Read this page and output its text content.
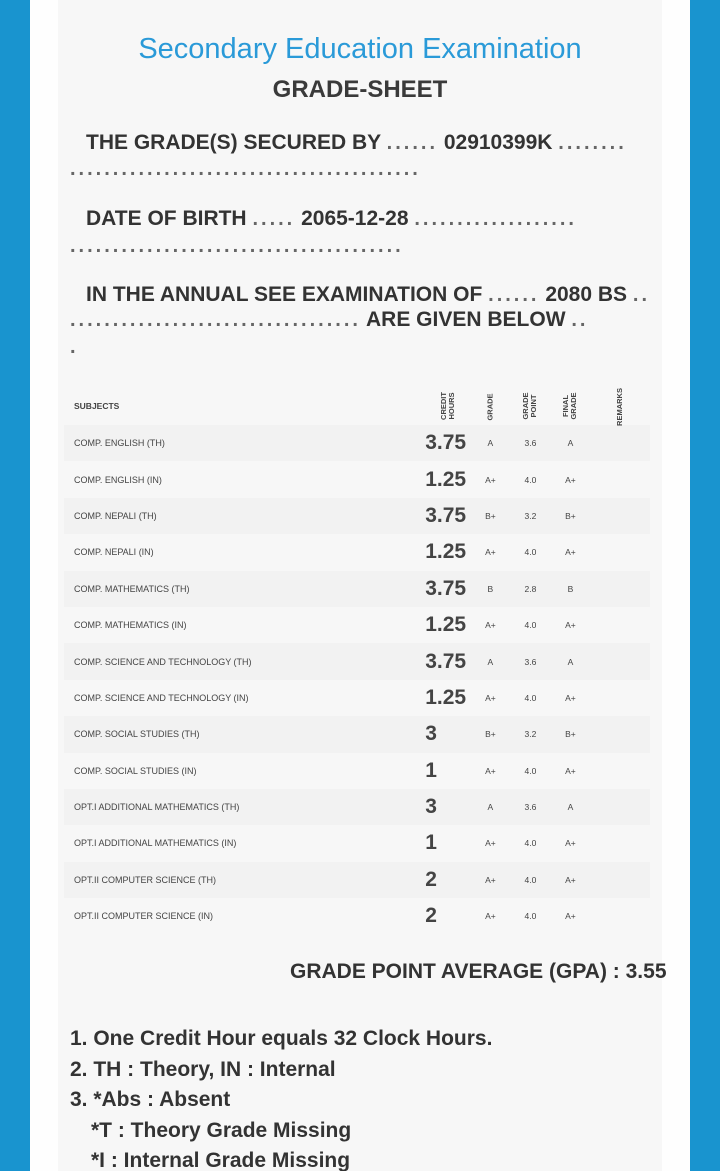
Secondary Education Examination
GRADE-SHEET
THE GRADE(S) SECURED BY ...... 02910399K ........
.........................................
DATE OF BIRTH ..... 2065-12-28 ...................
.......................................
IN THE ANNUAL SEE EXAMINATION OF ...... 2080 BS ..
.................................. ARE GIVEN BELOW ..
.
SUBJECTS	CREDIT HOURS	GRADE	GRADE POINT	FINAL GRADE	REMARKS
COMP. ENGLISH (TH)	3.75	A	3.6	A	
COMP. ENGLISH (IN)	1.25	A+	4.0	A+	
COMP. NEPALI (TH)	3.75	B+	3.2	B+	
COMP. NEPALI (IN)	1.25	A+	4.0	A+	
COMP. MATHEMATICS (TH)	3.75	B	2.8	B	
COMP. MATHEMATICS (IN)	1.25	A+	4.0	A+	
COMP. SCIENCE AND TECHNOLOGY (TH)	3.75	A	3.6	A	
COMP. SCIENCE AND TECHNOLOGY (IN)	1.25	A+	4.0	A+	
COMP. SOCIAL STUDIES (TH)	3	B+	3.2	B+	
COMP. SOCIAL STUDIES (IN)	1	A+	4.0	A+	
OPT.I ADDITIONAL MATHEMATICS (TH)	3	A	3.6	A	
OPT.I ADDITIONAL MATHEMATICS (IN)	1	A+	4.0	A+	
OPT.II COMPUTER SCIENCE (TH)	2	A+	4.0	A+	
OPT.II COMPUTER SCIENCE (IN)	2	A+	4.0	A+	
GRADE POINT AVERAGE (GPA) : 3.55
1. One Credit Hour equals 32 Clock Hours.
2. TH : Theory, IN : Internal
3. *Abs : Absent
*T : Theory Grade Missing
*I : Internal Grade Missing
